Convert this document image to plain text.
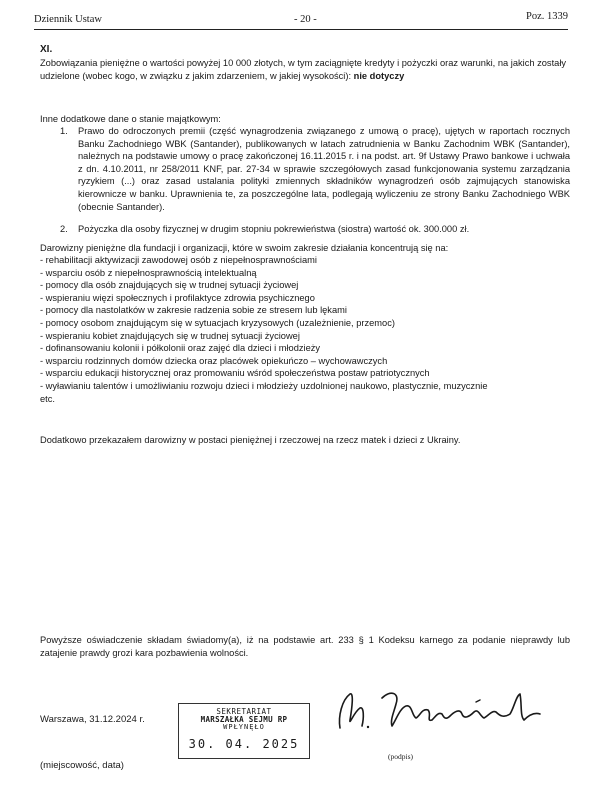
Dziennik Ustaw	- 20 -	Poz. 1339
XI.
Zobowiązania pieniężne o wartości powyżej 10 000 złotych, w tym zaciągnięte kredyty i pożyczki oraz warunki, na jakich zostały udzielone (wobec kogo, w związku z jakim zdarzeniem, w jakiej wysokości): nie dotyczy
Inne dodatkowe dane o stanie majątkowym:
1. Prawo do odroczonych premii (część wynagrodzenia związanego z umową o pracę), ujętych w raportach rocznych Banku Zachodniego WBK (Santander), publikowanych w latach zatrudnienia w Banku Zachodnim WBK (Santander), należnych na podstawie umowy o pracę zakończonej 16.11.2015 r. i na podst. art. 9f Ustawy Prawo bankowe i uchwała z dn. 4.10.2011, nr 258/2011 KNF, par. 27-34 w sprawie szczegółowych zasad funkcjonowania systemu zarządzania ryzykiem (...) oraz zasad ustalania polityki zmiennych składników wynagrodzeń osób zajmujących stanowiska kierownicze w banku. Uprawnienia te, za poszczególne lata, podlegają wyliczeniu ze strony Banku Zachodniego WBK (obecnie Santander).
2. Pożyczka dla osoby fizycznej w drugim stopniu pokrewieństwa (siostra) wartość ok. 300.000 zł.
Darowizny pieniężne dla fundacji i organizacji, które w swoim zakresie działania koncentrują się na:
- rehabilitacji aktywizacji zawodowej osób z niepełnosprawnościami
- wsparciu osób z niepełnosprawnością intelektualną
- pomocy dla osób znajdujących się w trudnej sytuacji życiowej
- wspieraniu więzi społecznych i profilaktyce zdrowia psychicznego
- pomocy dla nastolatków w zakresie radzenia sobie ze stresem lub lękami
- pomocy osobom znajdującym się w sytuacjach kryzysowych (uzależnienie, przemoc)
- wspieraniu kobiet znajdujących się w trudnej sytuacji życiowej
- dofinansowaniu kolonii i półkolonii oraz zajęć dla dzieci i młodzieży
- wsparciu rodzinnych domów dziecka oraz placówek opiekuńczo – wychowawczych
- wsparciu edukacji historycznej oraz promowaniu wśród społeczeństwa postaw patriotycznych
- wyławianiu talentów i umożliwianiu rozwoju dzieci i młodzieży uzdolnionej naukowo, plastycznie, muzycznie
etc.
Dodatkowo przekazałem darowizny w postaci pieniężnej i rzeczowej na rzecz matek i dzieci z Ukrainy.
Powyższe oświadczenie składam świadomy(a), iż na podstawie art. 233 § 1 Kodeksu karnego za podanie nieprawdy lub zatajenie prawdy grozi kara pozbawienia wolności.
Warszawa, 31.12.2024 r.
(miejscowość, data)
SEKRETARIAT
MARSZAŁKA SEJMU RP
WPŁYNĘŁO
30. 04. 2025
(podpis)
